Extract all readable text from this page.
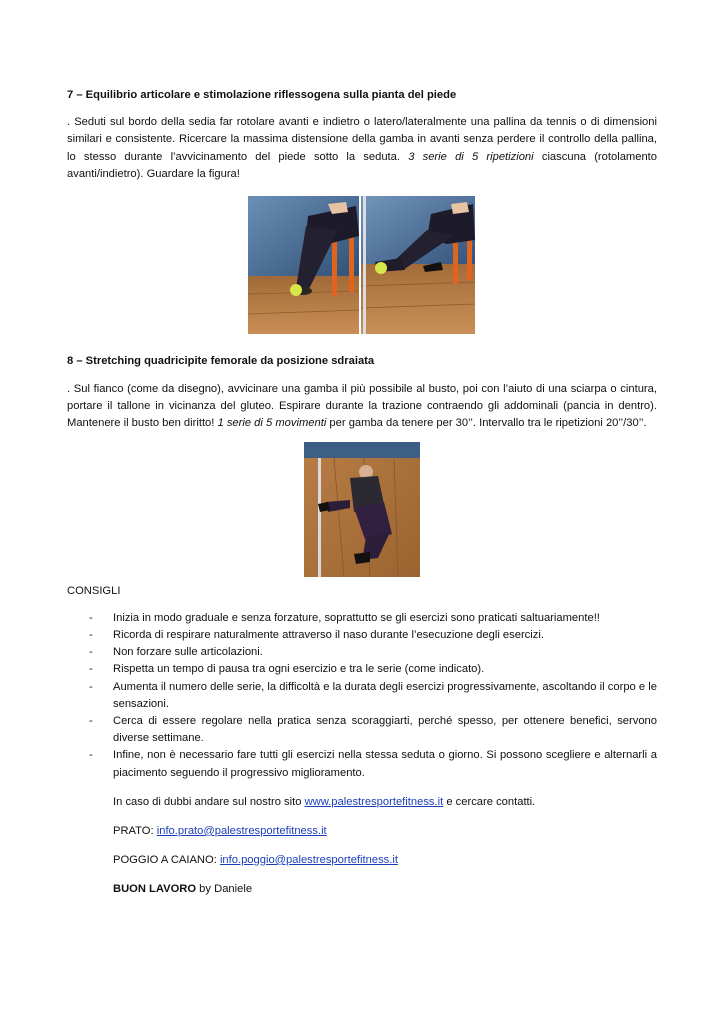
7 – Equilibrio articolare e stimolazione riflessogena sulla pianta del piede

. Seduti sul bordo della sedia far rotolare avanti e indietro o latero/lateralmente una pallina da tennis o di dimensioni similari e consistente. Ricercare la massima distensione della gamba in avanti senza perdere il controllo della pallina, lo stesso durante l’avvicinamento del piede sotto la seduta. 3 serie di 5 ripetizioni ciascuna (rotolamento avanti/indietro). Guardare la figura!

8 – Stretching quadricipite femorale da posizione sdraiata

. Sul fianco (come da disegno), avvicinare una gamba il più possibile al busto, poi con l’aiuto di una sciarpa o cintura, portare il tallone in vicinanza del gluteo. Espirare durante la trazione contraendo gli addominali (pancia in dentro). Mantenere il busto ben diritto! 1 serie di 5 movimenti per gamba da tenere per 30’’. Intervallo tra le ripetizioni 20’’/30’’.

CONSIGLI

- Inizia in modo graduale e senza forzature, soprattutto se gli esercizi sono praticati saltuariamente!!
- Ricorda di respirare naturalmente attraverso il naso durante l’esecuzione degli esercizi.
- Non forzare sulle articolazioni.
- Rispetta un tempo di pausa tra ogni esercizio e tra le serie (come indicato).
- Aumenta il numero delle serie, la difficoltà e la durata degli esercizi progressivamente, ascoltando il corpo e le sensazioni.
- Cerca di essere regolare nella pratica senza scoraggiarti, perché spesso, per ottenere benefici, servono diverse settimane.
- Infine, non è necessario fare tutti gli esercizi nella stessa seduta o giorno. Si possono scegliere e alternarli a piacimento seguendo il progressivo miglioramento.

In caso di dubbi andare sul nostro sito www.palestresportefitness.it e cercare contatti.

PRATO: info.prato@palestresportefitness.it

POGGIO A CAIANO: info.poggio@palestresportefitness.it

BUON LAVORO by Daniele
